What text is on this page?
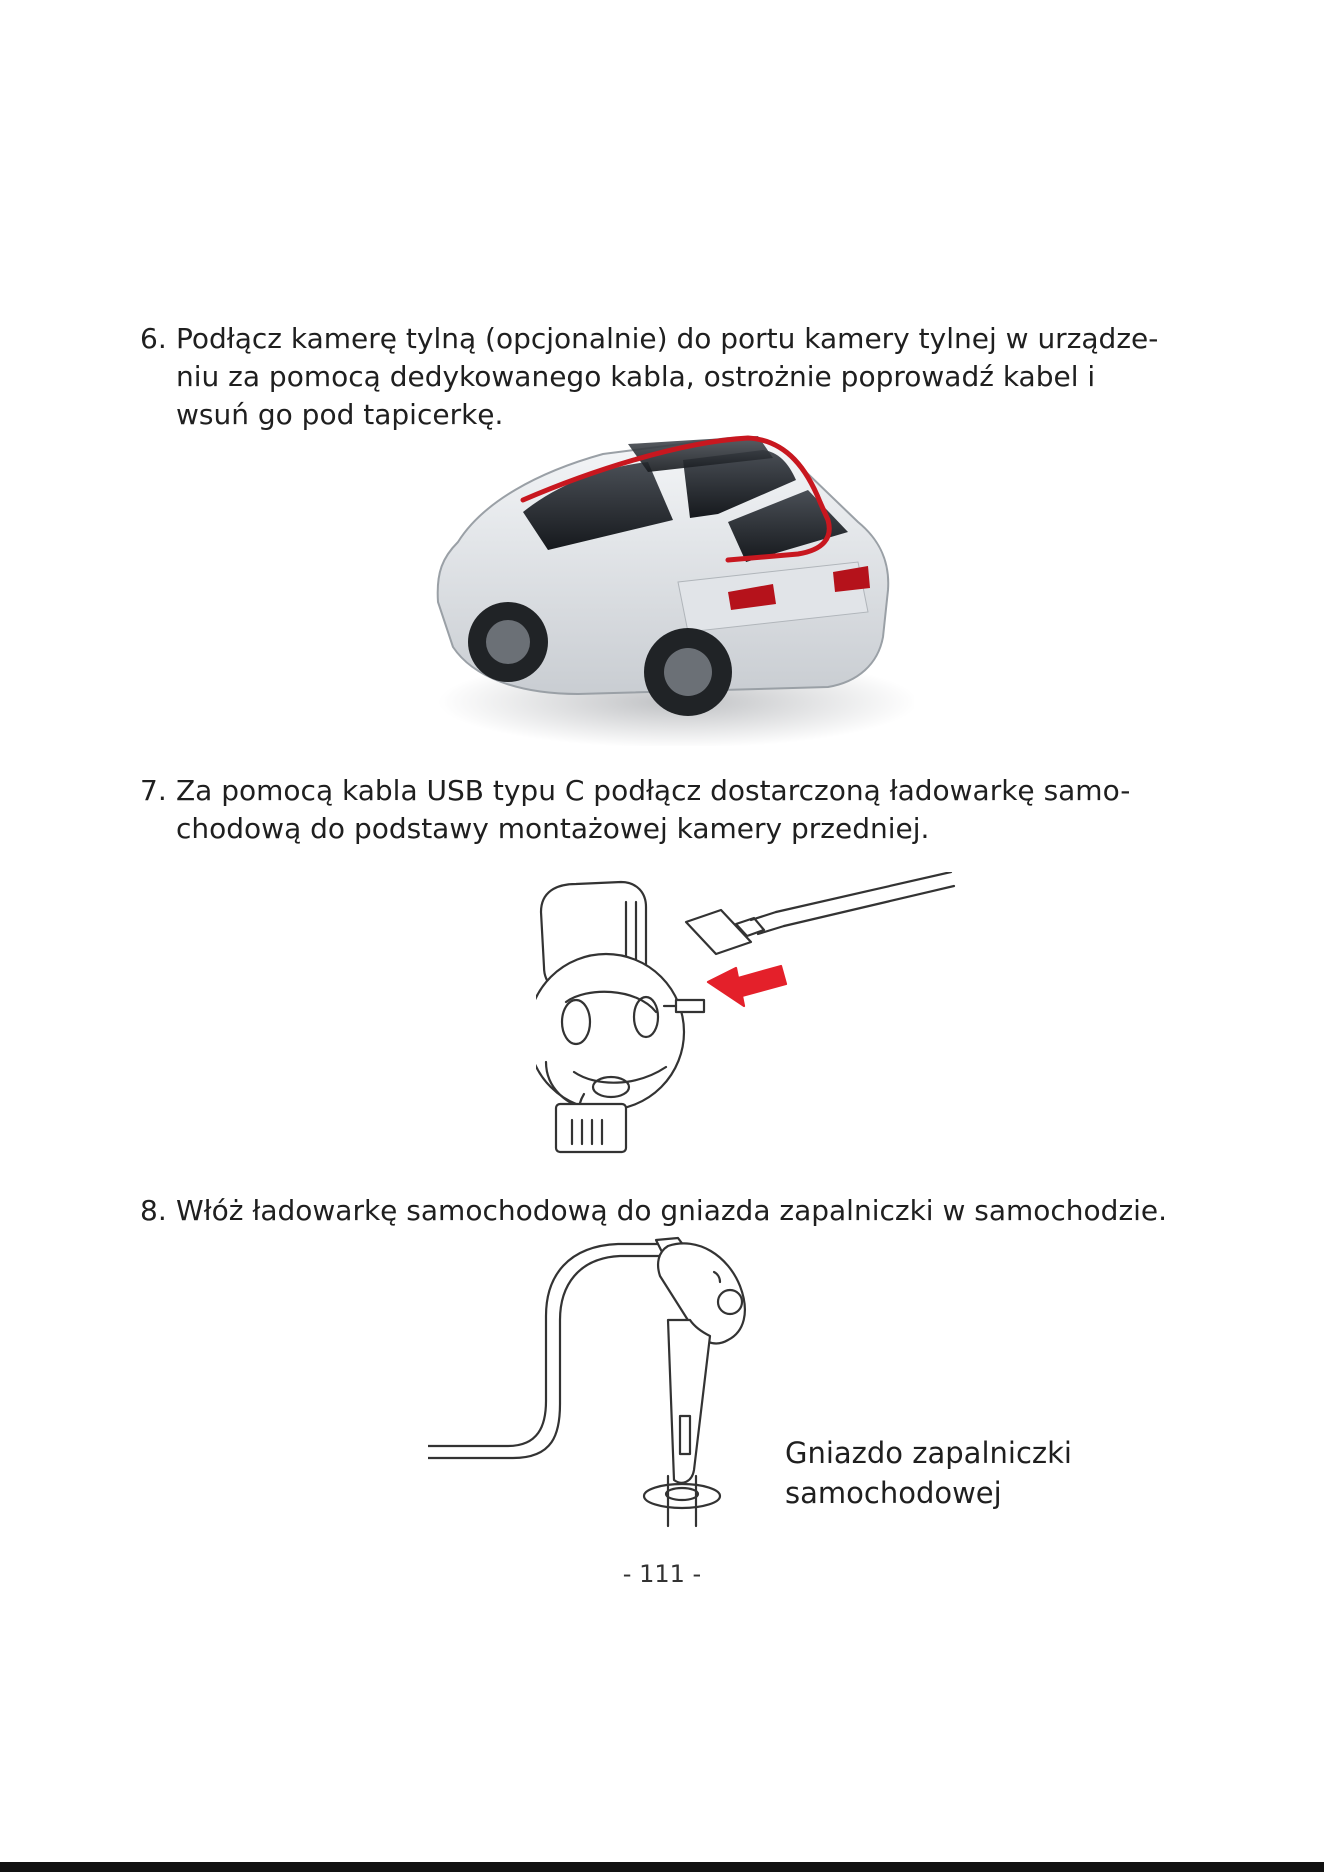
6. Podłącz kamerę tylną (opcjonalnie) do portu kamery tylnej w urządze-
niu za pomocą dedykowanego kabla, ostrożnie poprowadź kabel i
wsuń go pod tapicerkę.
7. Za pomocą kabla USB typu C podłącz dostarczoną ładowarkę samo-
chodową do podstawy montażowej kamery przedniej.
8. Włóż ładowarkę samochodową do gniazda zapalniczki w samochodzie.
Gniazdo zapalniczki
samochodowej
- 111 -
